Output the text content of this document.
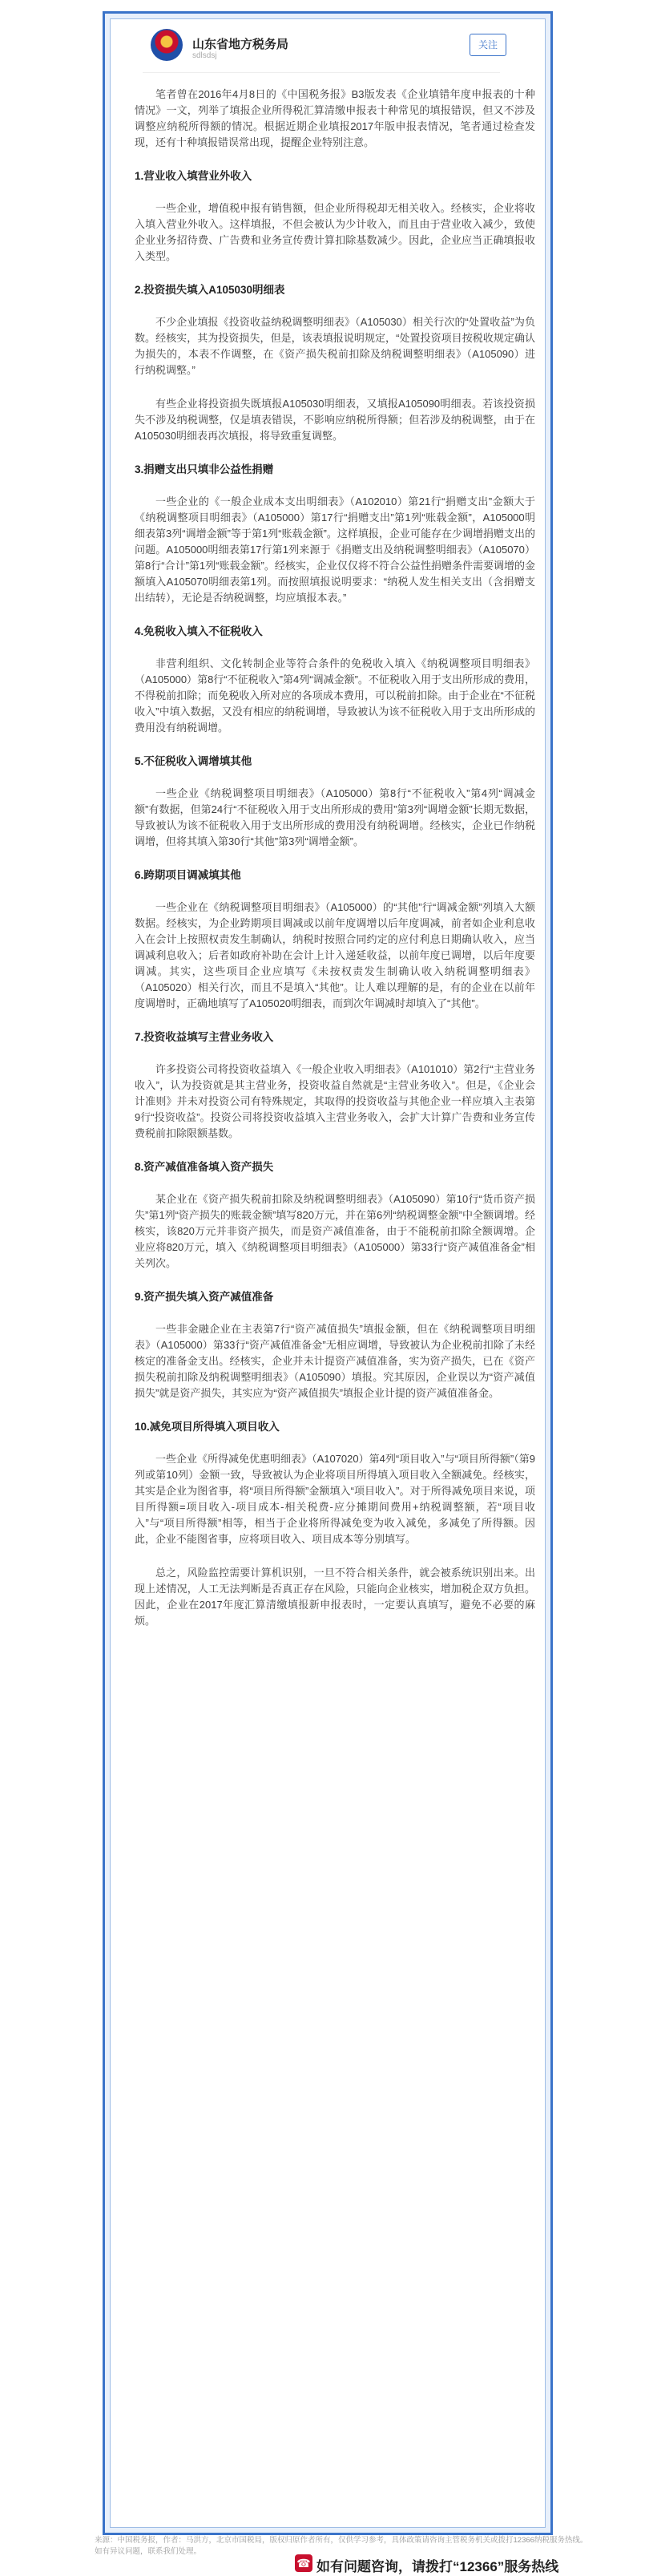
山东省地方税务局
sdlsdsj
关注

笔者曾在2016年4月8日的《中国税务报》B3版发表《企业填错年度申报表的十种情况》一文，列举了填报企业所得税汇算清缴申报表十种常见的填报错误，但又不涉及调整应纳税所得额的情况。根据近期企业填报2017年版申报表情况，笔者通过检查发现，还有十种填报错误常出现，提醒企业特别注意。

1.营业收入填营业外收入

一些企业，增值税申报有销售额，但企业所得税却无相关收入。经核实，企业将收入填入营业外收入。这样填报，不但会被认为少计收入，而且由于营业收入减少，致使企业业务招待费、广告费和业务宣传费计算扣除基数减少。因此，企业应当正确填报收入类型。

2.投资损失填入A105030明细表

不少企业填报《投资收益纳税调整明细表》（A105030）相关行次的“处置收益”为负数。经核实，其为投资损失，但是，该表填报说明规定，“处置投资项目按税收规定确认为损失的，本表不作调整，在《资产损失税前扣除及纳税调整明细表》（A105090）进行纳税调整。”

有些企业将投资损失既填报A105030明细表，又填报A105090明细表。若该投资损失不涉及纳税调整，仅是填表错误，不影响应纳税所得额；但若涉及纳税调整，由于在A105030明细表再次填报，将导致重复调整。

3.捐赠支出只填非公益性捐赠

一些企业的《一般企业成本支出明细表》（A102010）第21行“捐赠支出”金额大于《纳税调整项目明细表》（A105000）第17行“捐赠支出”第1列“账载金额”，A105000明细表第3列“调增金额”等于第1列“账载金额”。这样填报，企业可能存在少调增捐赠支出的问题。A105000明细表第17行第1列来源于《捐赠支出及纳税调整明细表》（A105070）第8行“合计”第1列“账载金额”。经核实，企业仅仅将不符合公益性捐赠条件需要调增的金额填入A105070明细表第1列。而按照填报说明要求：“纳税人发生相关支出（含捐赠支出结转），无论是否纳税调整，均应填报本表。”

4.免税收入填入不征税收入

非营利组织、文化转制企业等符合条件的免税收入填入《纳税调整项目明细表》（A105000）第8行“不征税收入”第4列“调减金额”。不征税收入用于支出所形成的费用，不得税前扣除；而免税收入所对应的各项成本费用，可以税前扣除。由于企业在“不征税收入”中填入数据，又没有相应的纳税调增，导致被认为该不征税收入用于支出所形成的费用没有纳税调增。

5.不征税收入调增填其他

一些企业《纳税调整项目明细表》（A105000）第8行“不征税收入”第4列“调减金额”有数据，但第24行“不征税收入用于支出所形成的费用”第3列“调增金额”长期无数据，导致被认为该不征税收入用于支出所形成的费用没有纳税调增。经核实，企业已作纳税调增，但将其填入第30行“其他”第3列“调增金额”。

6.跨期项目调减填其他

一些企业在《纳税调整项目明细表》（A105000）的“其他”行“调减金额”列填入大额数据。经核实，为企业跨期项目调减或以前年度调增以后年度调减，前者如企业利息收入在会计上按照权责发生制确认，纳税时按照合同约定的应付利息日期确认收入，应当调减利息收入；后者如政府补助在会计上计入递延收益，以前年度已调增，以后年度要调减。其实，这些项目企业应填写《未按权责发生制确认收入纳税调整明细表》（A105020）相关行次，而且不是填入“其他”。让人难以理解的是，有的企业在以前年度调增时，正确地填写了A105020明细表，而到次年调减时却填入了“其他”。

7.投资收益填写主营业务收入

许多投资公司将投资收益填入《一般企业收入明细表》（A101010）第2行“主营业务收入”，认为投资就是其主营业务，投资收益自然就是“主营业务收入”。但是，《企业会计准则》并未对投资公司有特殊规定，其取得的投资收益与其他企业一样应填入主表第9行“投资收益”。投资公司将投资收益填入主营业务收入，会扩大计算广告费和业务宣传费税前扣除限额基数。

8.资产减值准备填入资产损失

某企业在《资产损失税前扣除及纳税调整明细表》（A105090）第10行“货币资产损失”第1列“资产损失的账载金额”填写820万元，并在第6列“纳税调整金额”中全额调增。经核实，该820万元并非资产损失，而是资产减值准备，由于不能税前扣除全额调增。企业应将820万元，填入《纳税调整项目明细表》（A105000）第33行“资产减值准备金”相关列次。

9.资产损失填入资产减值准备

一些非金融企业在主表第7行“资产减值损失”填报金额，但在《纳税调整项目明细表》（A105000）第33行“资产减值准备金”无相应调增，导致被认为企业税前扣除了未经核定的准备金支出。经核实，企业并未计提资产减值准备，实为资产损失，已在《资产损失税前扣除及纳税调整明细表》（A105090）填报。究其原因，企业误以为“资产减值损失”就是资产损失，其实应为“资产减值损失”填报企业计提的资产减值准备金。

10.减免项目所得填入项目收入

一些企业《所得减免优惠明细表》（A107020）第4列“项目收入”与“项目所得额”（第9列或第10列）金额一致，导致被认为企业将项目所得填入项目收入全额减免。经核实，其实是企业为图省事，将“项目所得额”金额填入“项目收入”。对于所得减免项目来说，项目所得额=项目收入-项目成本-相关税费-应分摊期间费用+纳税调整额，若“项目收入”与“项目所得额”相等，相当于企业将所得减免变为收入减免，多减免了所得额。因此，企业不能图省事，应将项目收入、项目成本等分别填写。

总之，风险监控需要计算机识别，一旦不符合相关条件，就会被系统识别出来。出现上述情况，人工无法判断是否真正存在风险，只能向企业核实，增加税企双方负担。因此，企业在2017年度汇算清缴填报新申报表时，一定要认真填写，避免不必要的麻烦。

来源：中国税务报，作者：马洪方，北京市国税局，版权归原作者所有，仅供学习参考，具体政策请咨询主管税务机关或拨打12366纳税服务热线。如有异议问题，联系我们处理。
☎ 如有问题咨询，请拨打“12366”服务热线
